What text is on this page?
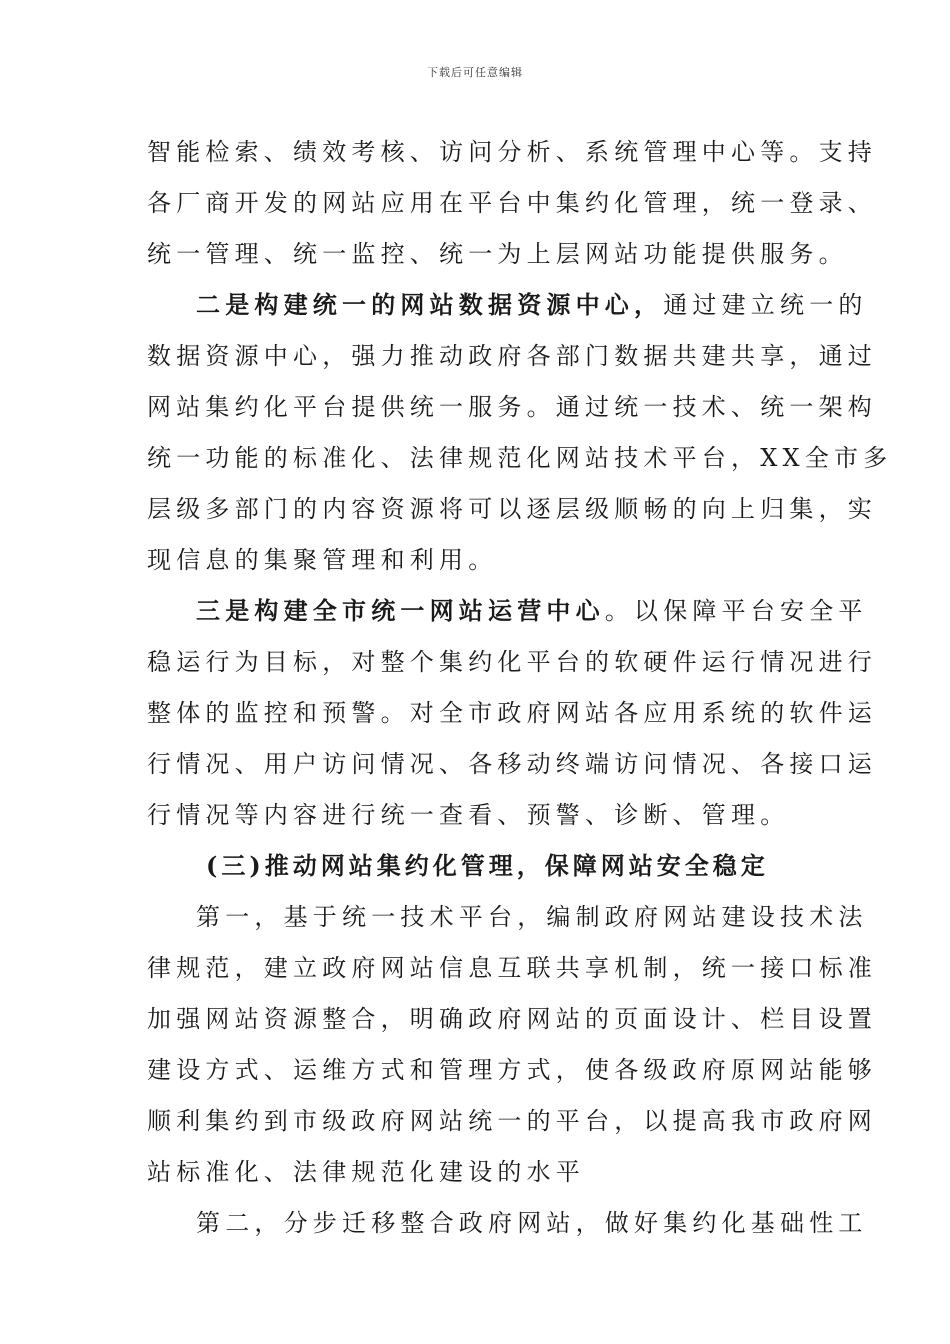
下载后可任意编辑
智能检索、绩效考核、访问分析、系统管理中心等。支持
各厂商开发的网站应用在平台中集约化管理，统一登录、
统一管理、统一监控、统一为上层网站功能提供服务。
二是构建统一的网站数据资源中心，通过建立统一的
数据资源中心，强力推动政府各部门数据共建共享，通过
网站集约化平台提供统一服务。通过统一技术、统一架构
统一功能的标准化、法律规范化网站技术平台，XX全市多
层级多部门的内容资源将可以逐层级顺畅的向上归集，实
现信息的集聚管理和利用。
三是构建全市统一网站运营中心。以保障平台安全平
稳运行为目标，对整个集约化平台的软硬件运行情况进行
整体的监控和预警。对全市政府网站各应用系统的软件运
行情况、用户访问情况、各移动终端访问情况、各接口运
行情况等内容进行统一查看、预警、诊断、管理。
(三)推动网站集约化管理，保障网站安全稳定
第一，基于统一技术平台，编制政府网站建设技术法
律规范，建立政府网站信息互联共享机制，统一接口标准
加强网站资源整合，明确政府网站的页面设计、栏目设置
建设方式、运维方式和管理方式，使各级政府原网站能够
顺利集约到市级政府网站统一的平台，以提高我市政府网
站标准化、法律规范化建设的水平
第二，分步迁移整合政府网站，做好集约化基础性工
